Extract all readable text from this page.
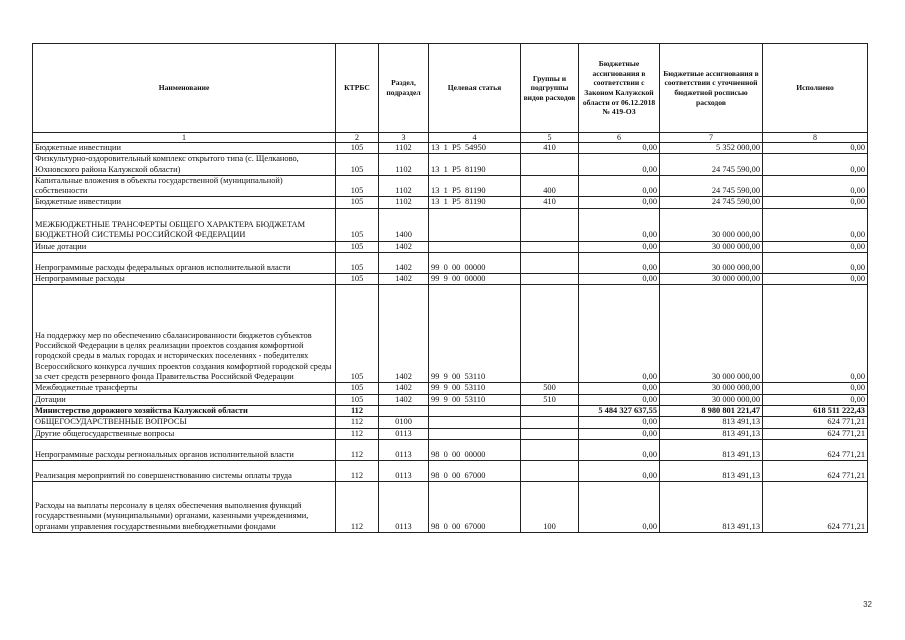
Наименование	КТРБС	Раздел, подраздел	Целевая статья	Группы и подгруппы видов расходов	Бюджетные ассигнования в соответствии с Законом Калужской области от 06.12.2018 № 419-ОЗ	Бюджетные ассигнования в соответствии с уточненной бюджетной росписью расходов	Исполнено
1	2	3	4	5	6	7	8
Бюджетные инвестиции	105	1102	13  1  P5  54950	410	0,00	5 352 000,00	0,00
Физкультурно-оздоровительный комплекс открытого типа (с. Щелканово, Юхновского района Калужской области)	105	1102	13  1  P5  81190		0,00	24 745 590,00	0,00
Капитальные вложения в объекты государственной (муниципальной) собственности	105	1102	13  1  P5  81190	400	0,00	24 745 590,00	0,00
Бюджетные инвестиции	105	1102	13  1  P5  81190	410	0,00	24 745 590,00	0,00
МЕЖБЮДЖЕТНЫЕ ТРАНСФЕРТЫ ОБЩЕГО ХАРАКТЕРА БЮДЖЕТАМ БЮДЖЕТНОЙ СИСТЕМЫ РОССИЙСКОЙ ФЕДЕРАЦИИ	105	1400			0,00	30 000 000,00	0,00
Иные дотации	105	1402			0,00	30 000 000,00	0,00
Непрограммные расходы федеральных органов исполнительной власти	105	1402	99  0  00  00000		0,00	30 000 000,00	0,00
Непрограммные расходы	105	1402	99  9  00  00000		0,00	30 000 000,00	0,00
На поддержку мер по обеспечению сбалансированности бюджетов субъектов Российской Федерации в целях реализации проектов создания комфортной городской среды в малых городах и исторических поселениях - победителях Всероссийского конкурса лучших проектов создания комфортной городской среды за счет средств резервного фонда Правительства Российской Федерации	105	1402	99  9  00  53110		0,00	30 000 000,00	0,00
Межбюджетные трансферты	105	1402	99  9  00  53110	500	0,00	30 000 000,00	0,00
Дотации	105	1402	99  9  00  53110	510	0,00	30 000 000,00	0,00
Министерство дорожного хозяйства Калужской области	112				5 484 327 637,55	8 980 801 221,47	618 511 222,43
ОБЩЕГОСУДАРСТВЕННЫЕ ВОПРОСЫ	112	0100			0,00	813 491,13	624 771,21
Другие общегосударственные вопросы	112	0113			0,00	813 491,13	624 771,21
Непрограммные расходы региональных органов исполнительной власти	112	0113	98  0  00  00000		0,00	813 491,13	624 771,21
Реализация мероприятий по совершенствованию системы оплаты труда	112	0113	98  0  00  67000		0,00	813 491,13	624 771,21
Расходы на выплаты персоналу в целях обеспечения выполнения функций государственными (муниципальными) органами, казенными учреждениями, органами управления государственными внебюджетными фондами	112	0113	98  0  00  67000	100	0,00	813 491,13	624 771,21
32
